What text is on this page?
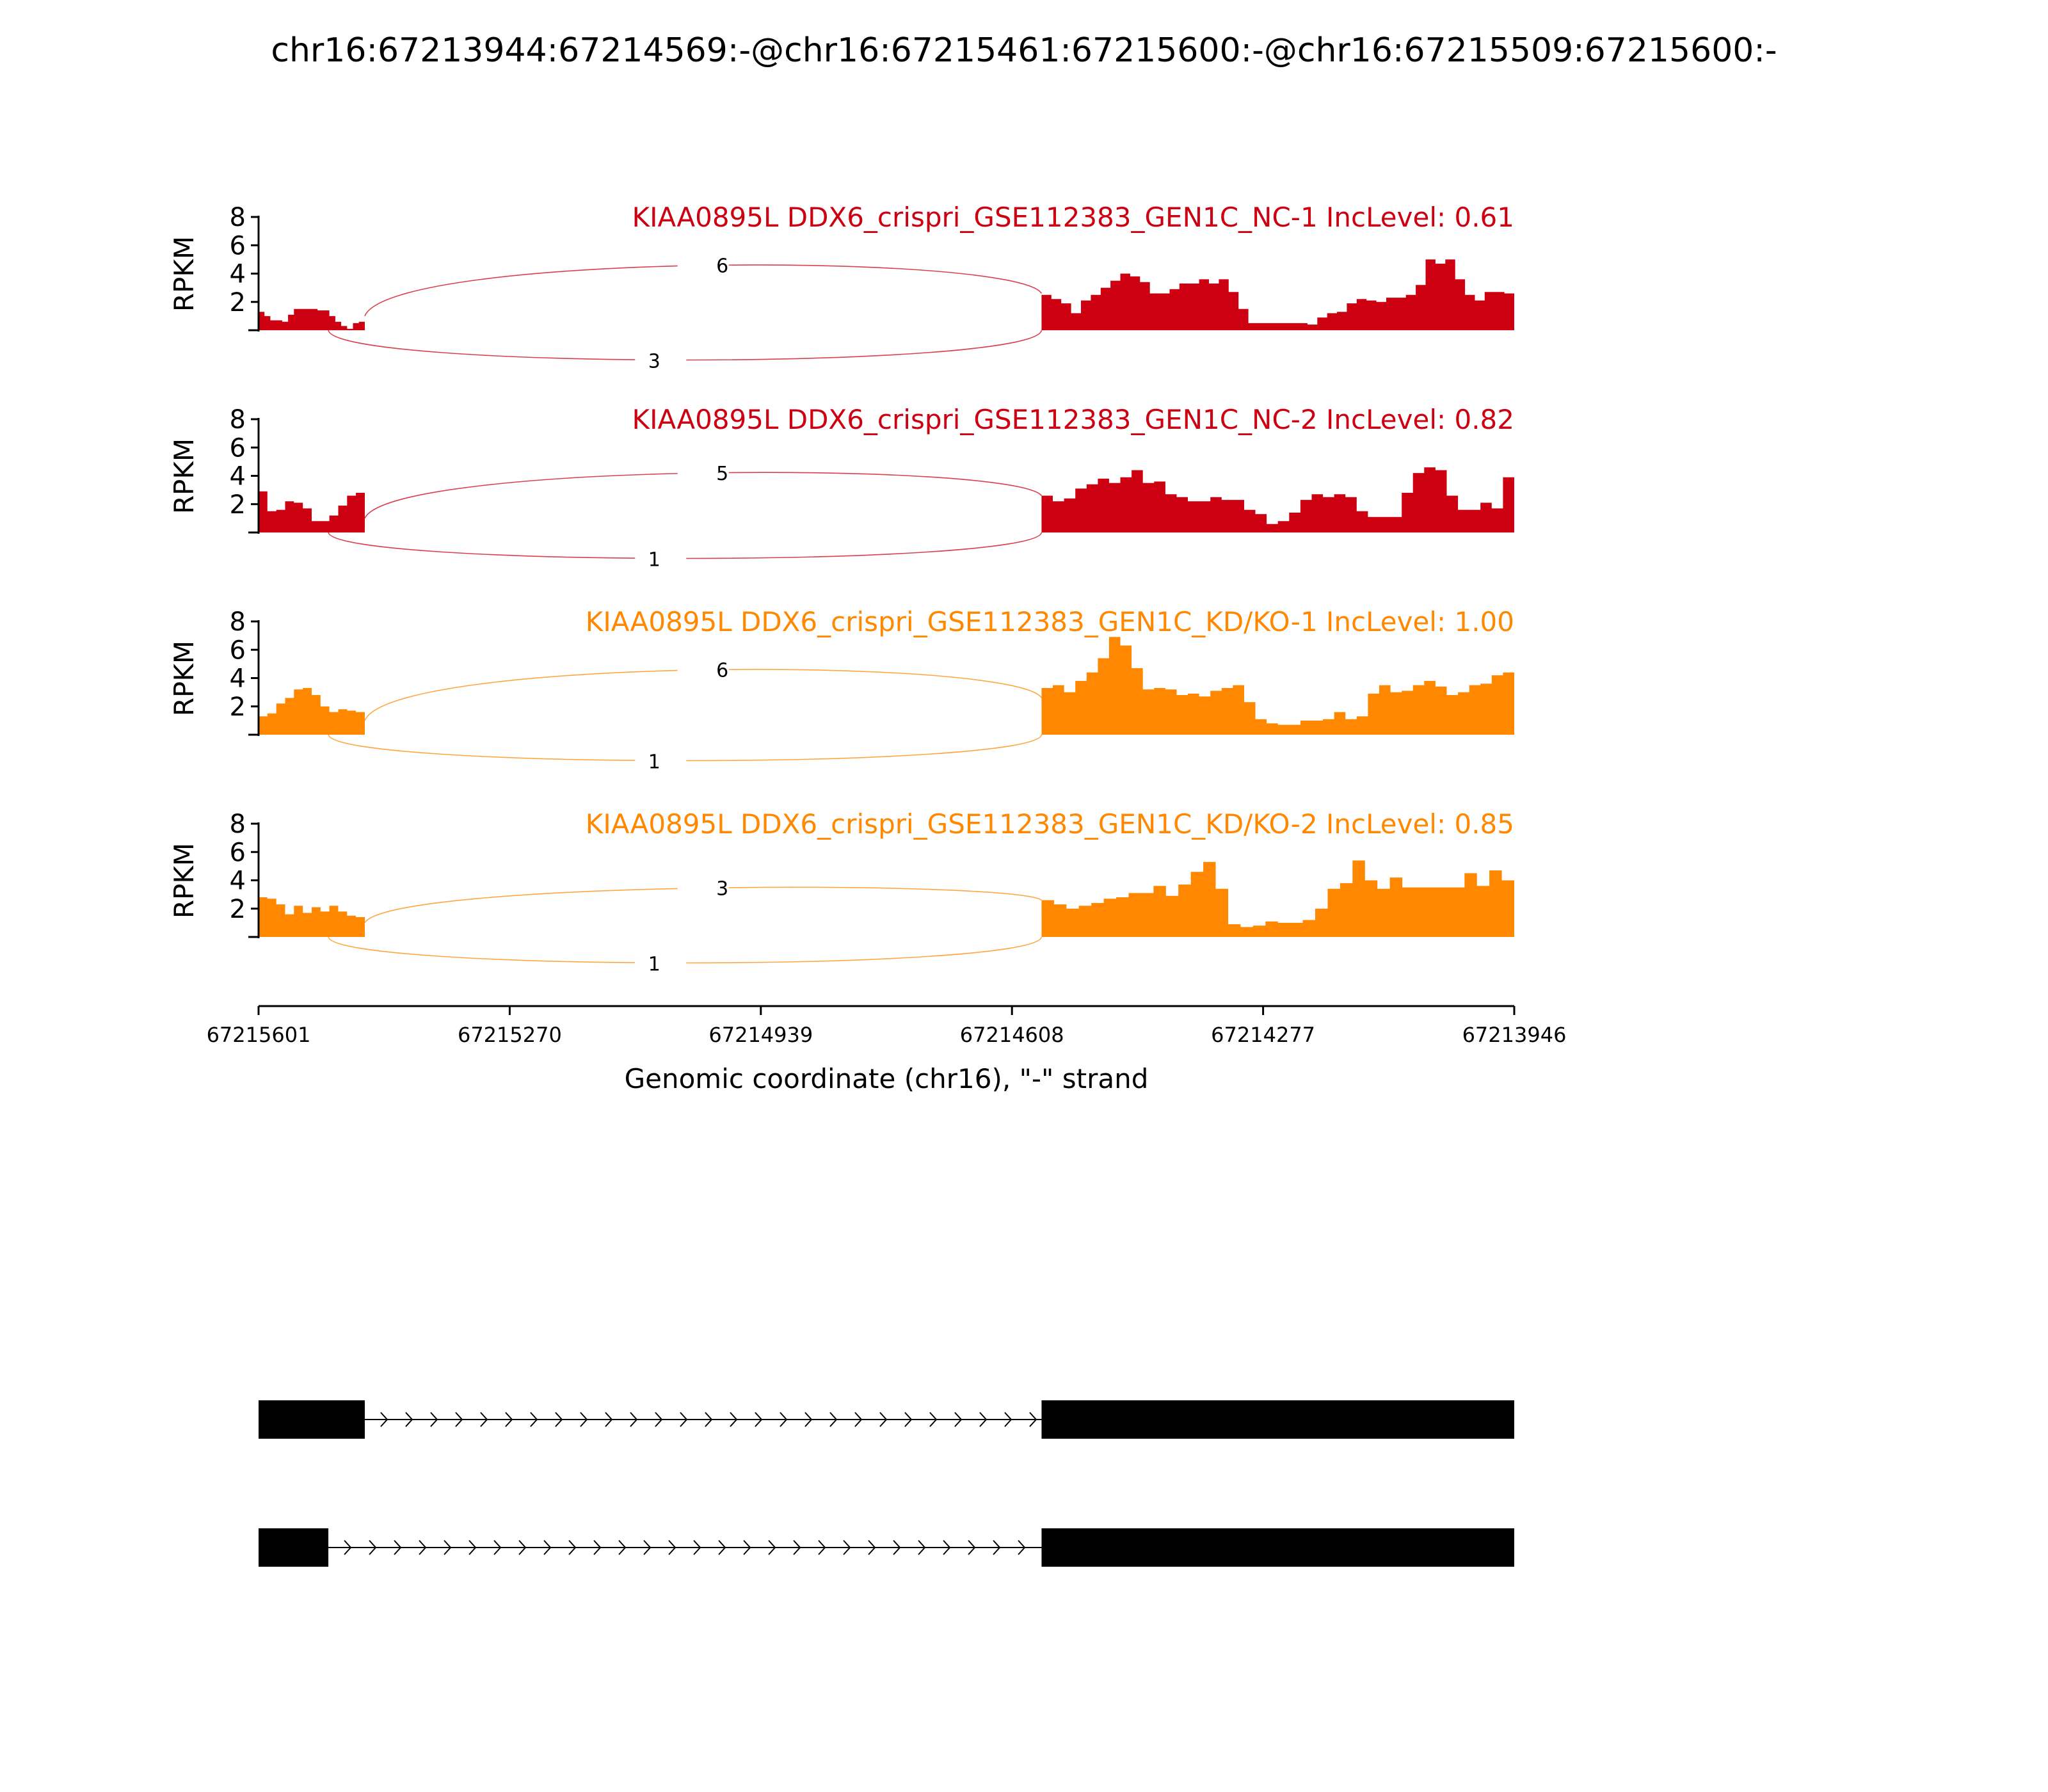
chr16:67213944:67214569:-@chr16:67215461:67215600:-@chr16:67215509:67215600:-
2
4
6
8
RPKM
KIAA0895L DDX6_crispri_GSE112383_GEN1C_NC-1 IncLevel: 0.61
6
3
2
4
6
8
RPKM
KIAA0895L DDX6_crispri_GSE112383_GEN1C_NC-2 IncLevel: 0.82
5
1
2
4
6
8
RPKM
KIAA0895L DDX6_crispri_GSE112383_GEN1C_KD/KO-1 IncLevel: 1.00
6
1
2
4
6
8
RPKM
KIAA0895L DDX6_crispri_GSE112383_GEN1C_KD/KO-2 IncLevel: 0.85
3
1
67215601	67215270	67214939	67214608	67214277	67213946
Genomic coordinate (chr16), "-" strand
